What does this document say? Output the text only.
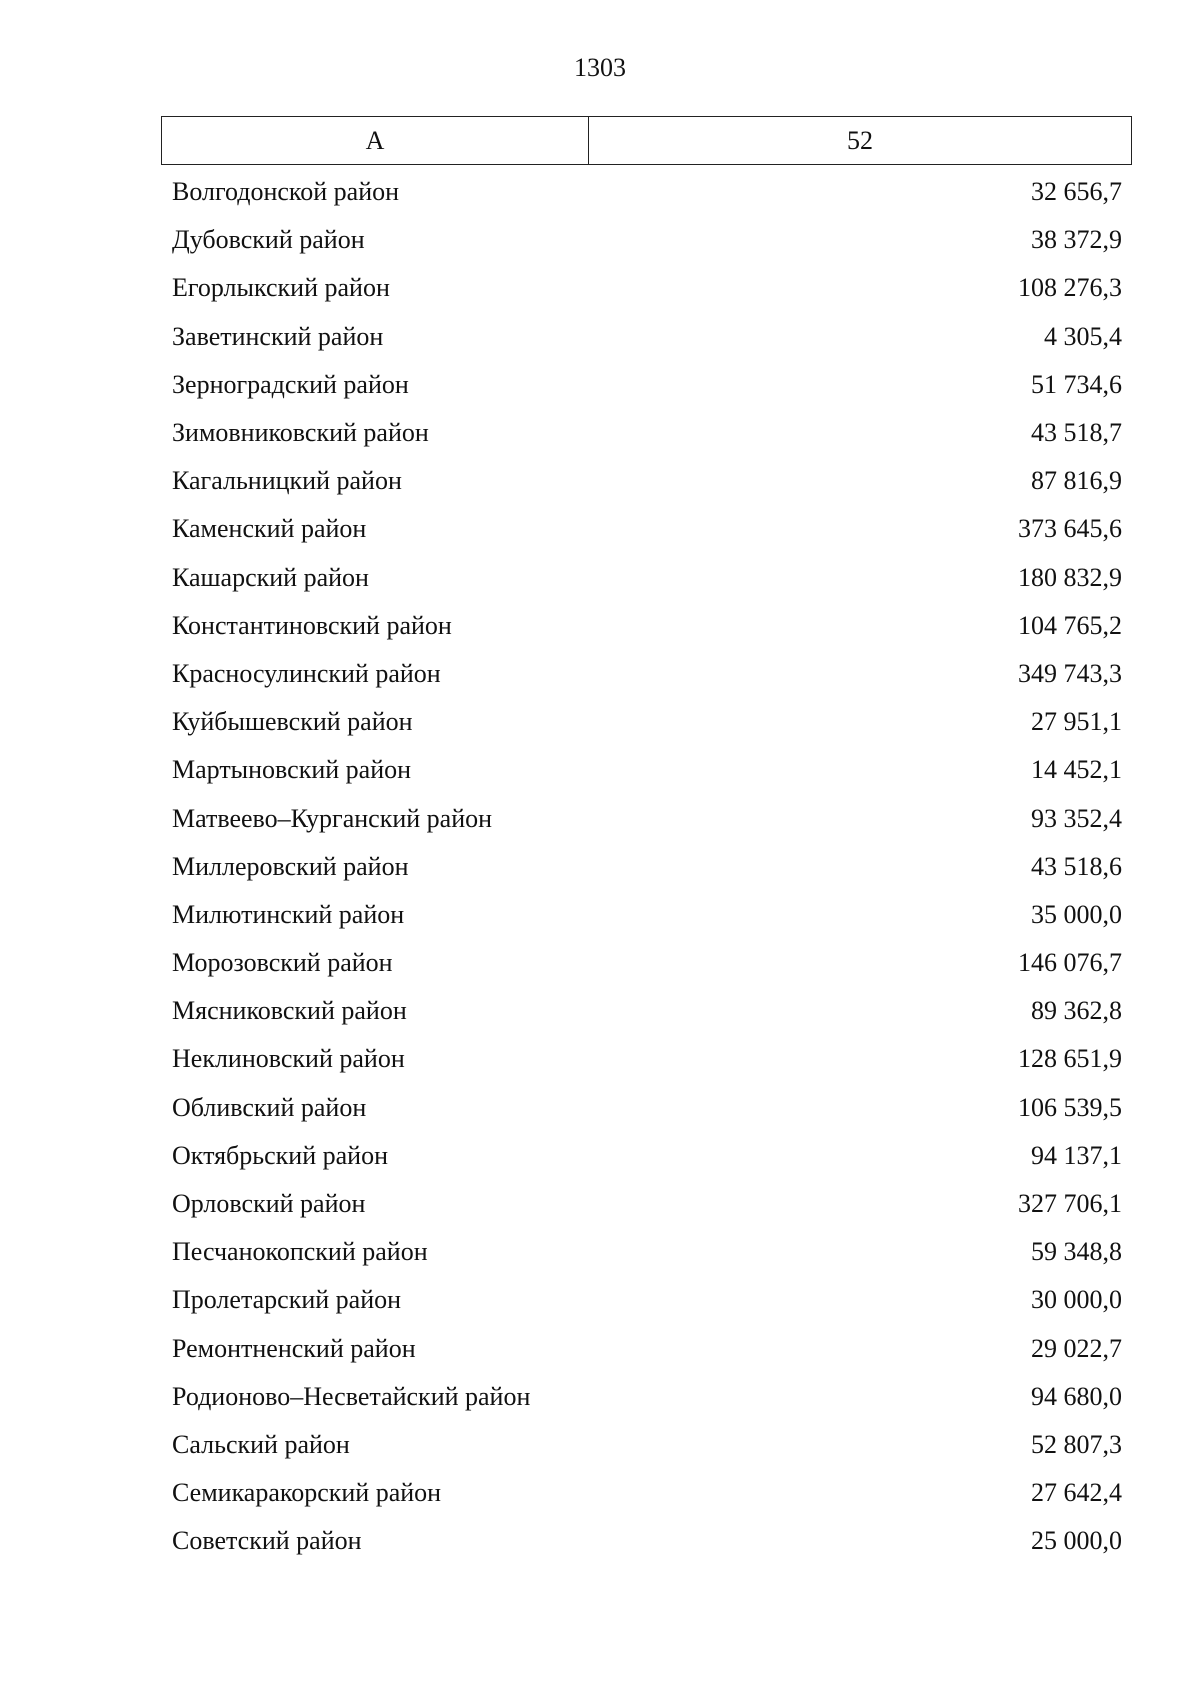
1303
А	52
Волгодонской район	32 656,7
Дубовский район	38 372,9
Егорлыкский район	108 276,3
Заветинский район	4 305,4
Зерноградский район	51 734,6
Зимовниковский район	43 518,7
Кагальницкий район	87 816,9
Каменский район	373 645,6
Кашарский район	180 832,9
Константиновский район	104 765,2
Красносулинский район	349 743,3
Куйбышевский район	27 951,1
Мартыновский район	14 452,1
Матвеево–Курганский район	93 352,4
Миллеровский район	43 518,6
Милютинский район	35 000,0
Морозовский район	146 076,7
Мясниковский район	89 362,8
Неклиновский район	128 651,9
Обливский район	106 539,5
Октябрьский район	94 137,1
Орловский район	327 706,1
Песчанокопский район	59 348,8
Пролетарский район	30 000,0
Ремонтненский район	29 022,7
Родионово–Несветайский район	94 680,0
Сальский район	52 807,3
Семикаракорский район	27 642,4
Советский район	25 000,0
